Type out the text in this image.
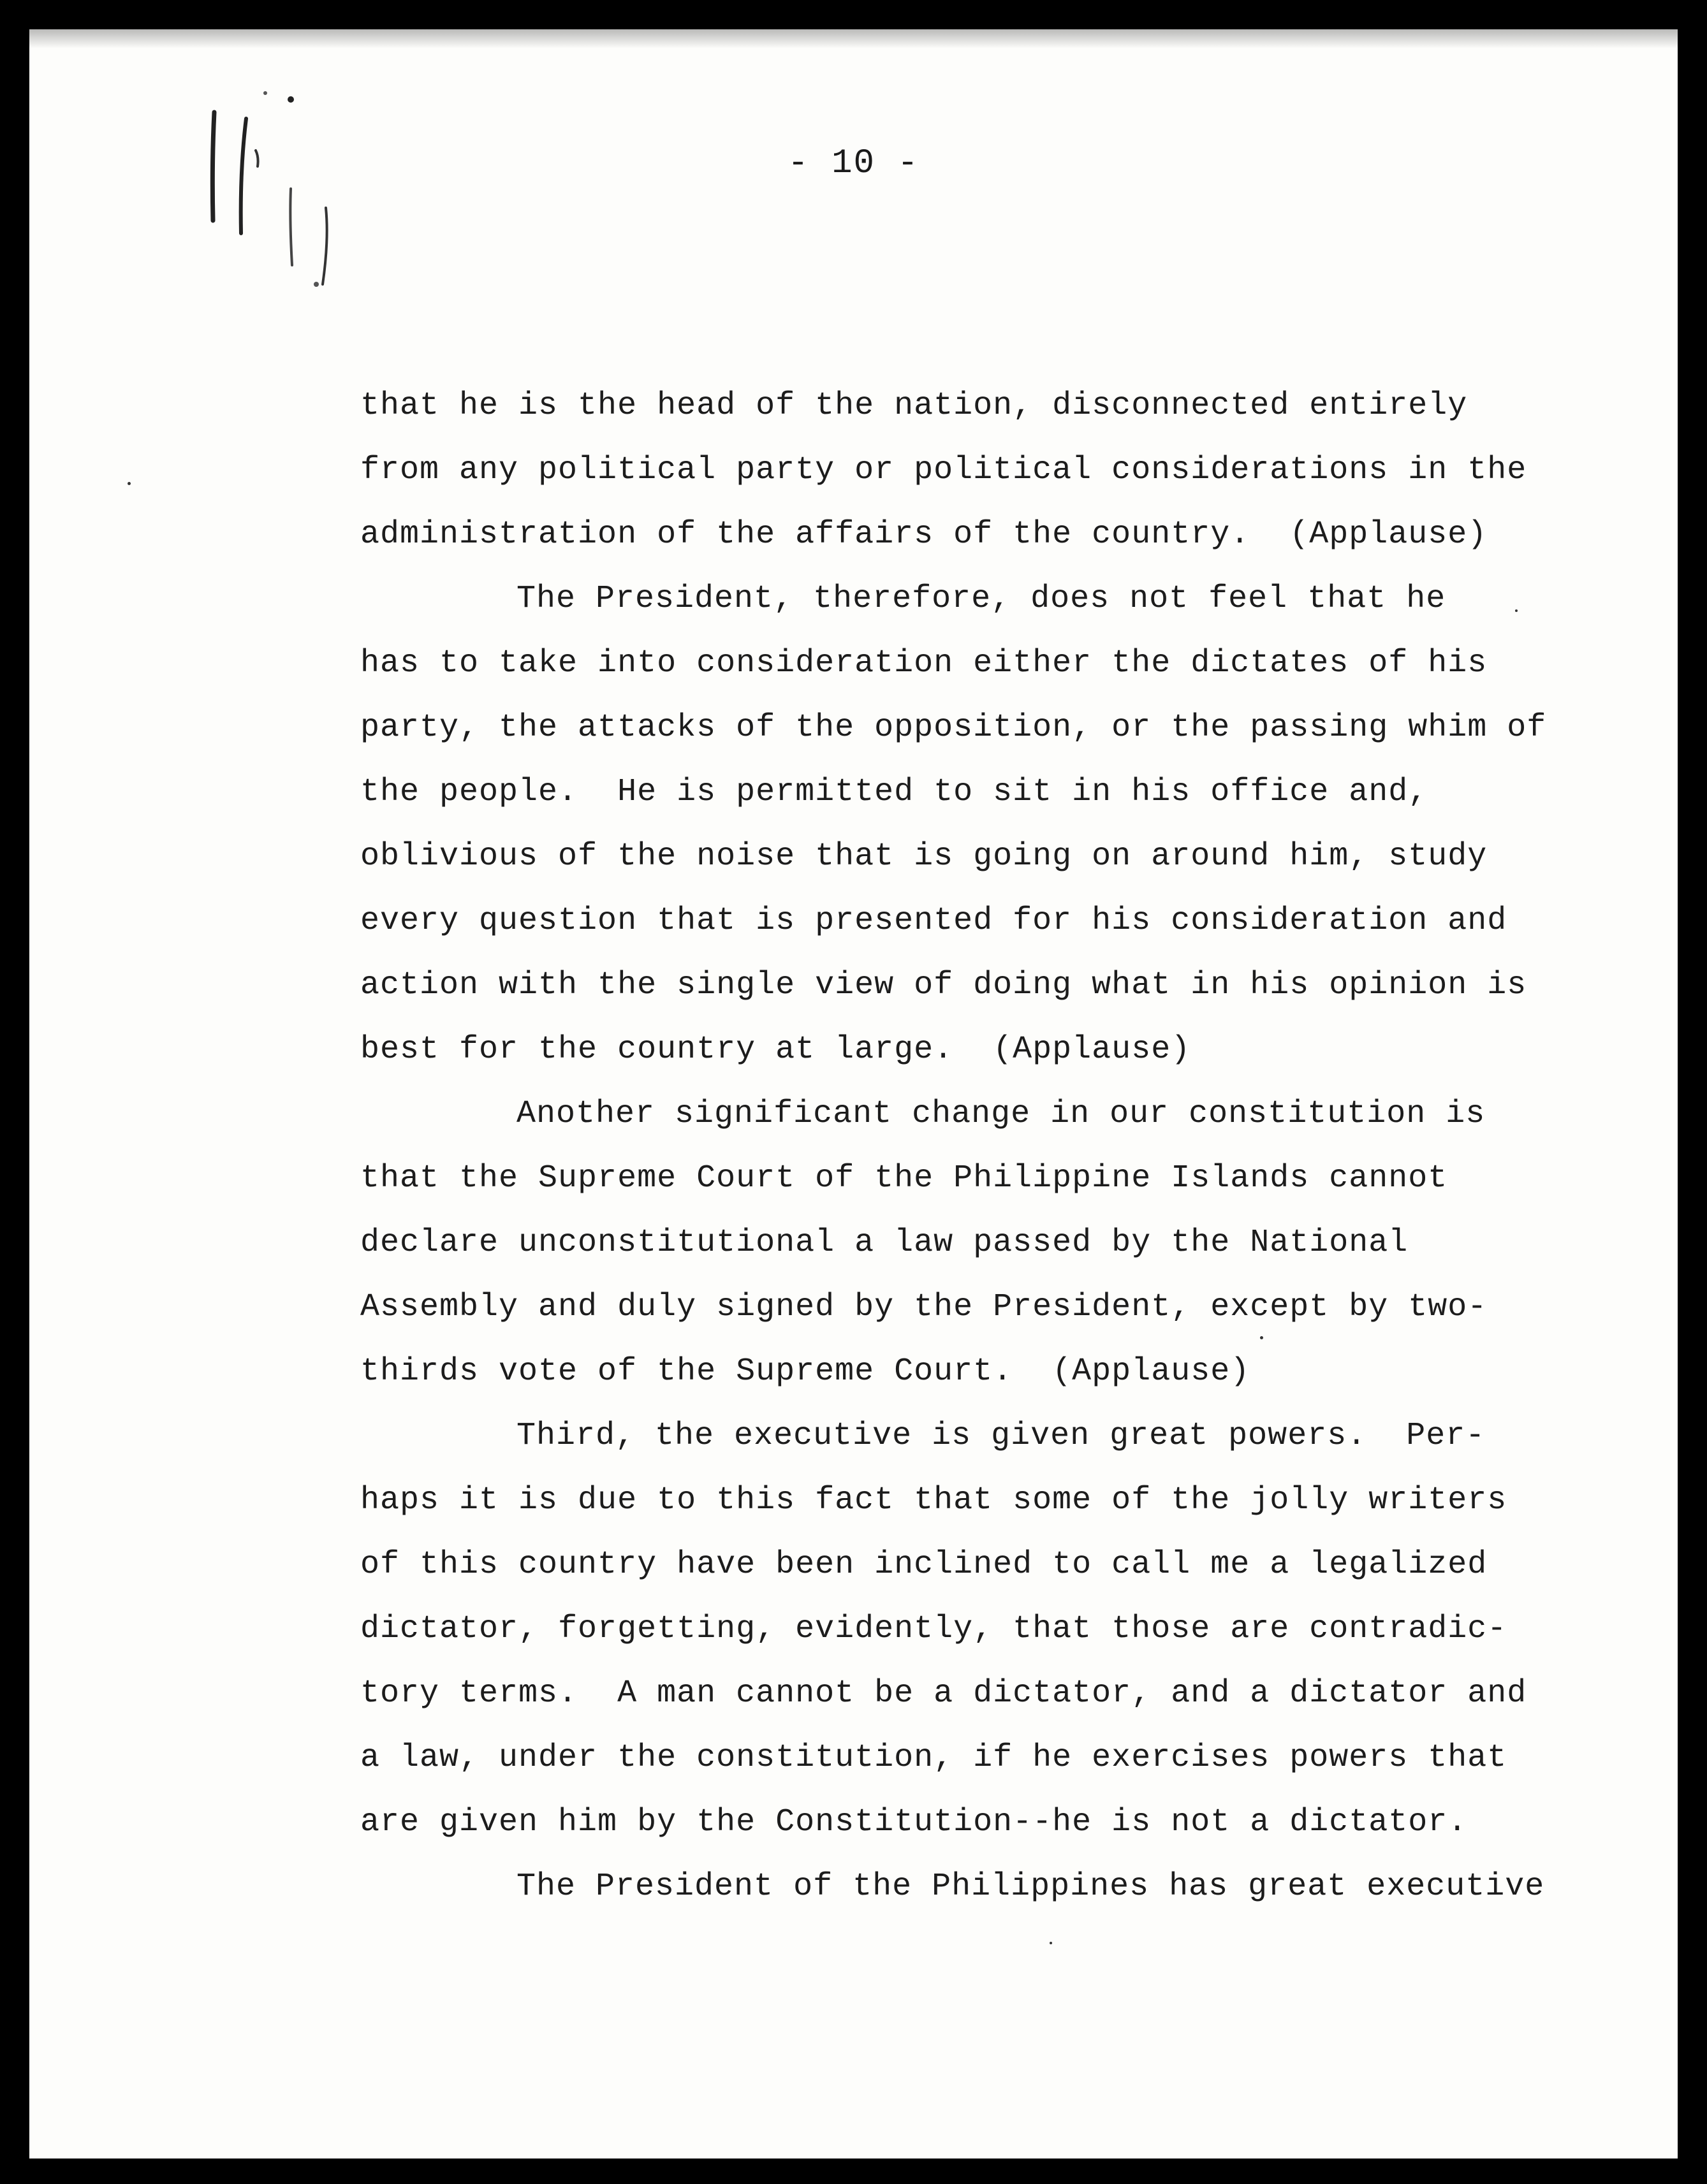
- 10 -
that he is the head of the nation, disconnected entirely
from any political party or political considerations in the
administration of the affairs of the country.  (Applause)
The President, therefore, does not feel that he
has to take into consideration either the dictates of his
party, the attacks of the opposition, or the passing whim of
the people.  He is permitted to sit in his office and,
oblivious of the noise that is going on around him, study
every question that is presented for his consideration and
action with the single view of doing what in his opinion is
best for the country at large.  (Applause)
Another significant change in our constitution is
that the Supreme Court of the Philippine Islands cannot
declare unconstitutional a law passed by the National
Assembly and duly signed by the President, except by two-
thirds vote of the Supreme Court.  (Applause)
Third, the executive is given great powers.  Per-
haps it is due to this fact that some of the jolly writers
of this country have been inclined to call me a legalized
dictator, forgetting, evidently, that those are contradic-
tory terms.  A man cannot be a dictator, and a dictator and
a law, under the constitution, if he exercises powers that
are given him by the Constitution--he is not a dictator.
The President of the Philippines has great executive
